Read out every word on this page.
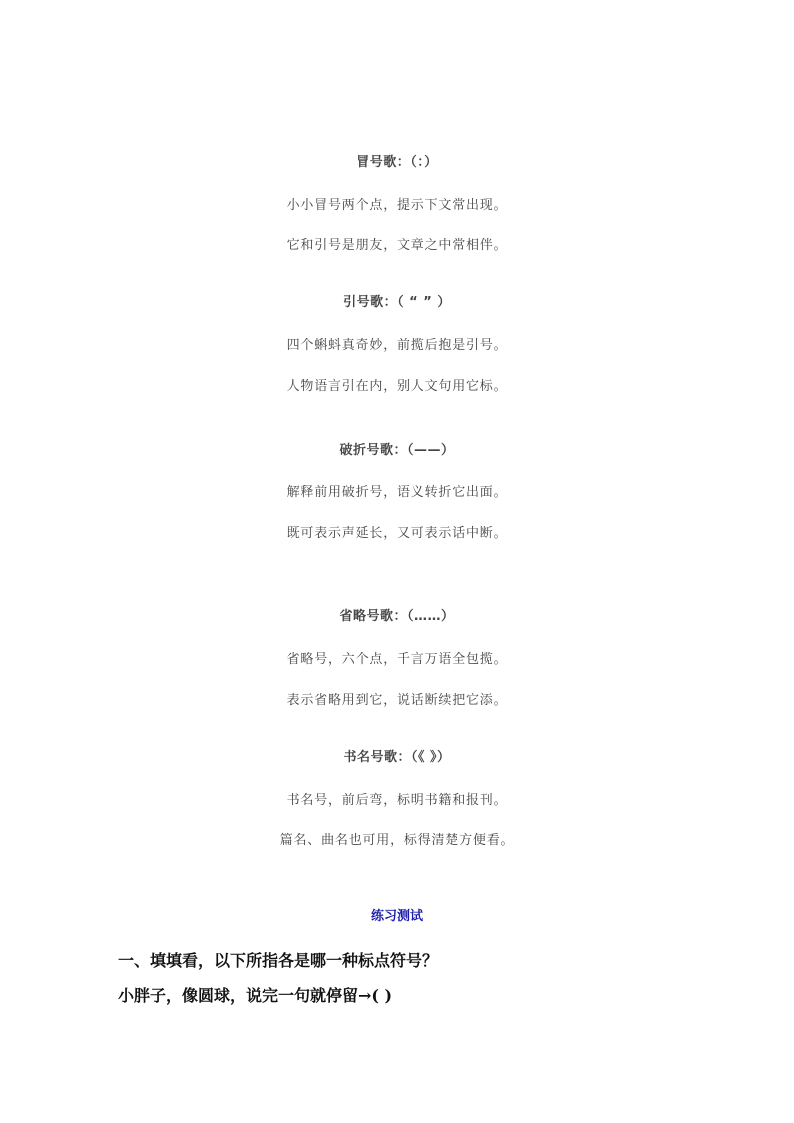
冒号歌：（：）
小小冒号两个点，提示下文常出现。
它和引号是朋友，文章之中常相伴。
引号歌：（ “ ” ）
四个蝌蚪真奇妙，前揽后抱是引号。
人物语言引在内，别人文句用它标。
破折号歌：（——）
解释前用破折号，语义转折它出面。
既可表示声延长，又可表示话中断。
省略号歌：（……）
省略号，六个点，千言万语全包揽。
表示省略用到它，说话断续把它添。
书名号歌：（《 》）
书名号，前后弯，标明书籍和报刊。
篇名、曲名也可用，标得清楚方便看。
练习测试
一、填填看，以下所指各是哪一种标点符号？
小胖子，像圆球，说完一句就停留→( )
